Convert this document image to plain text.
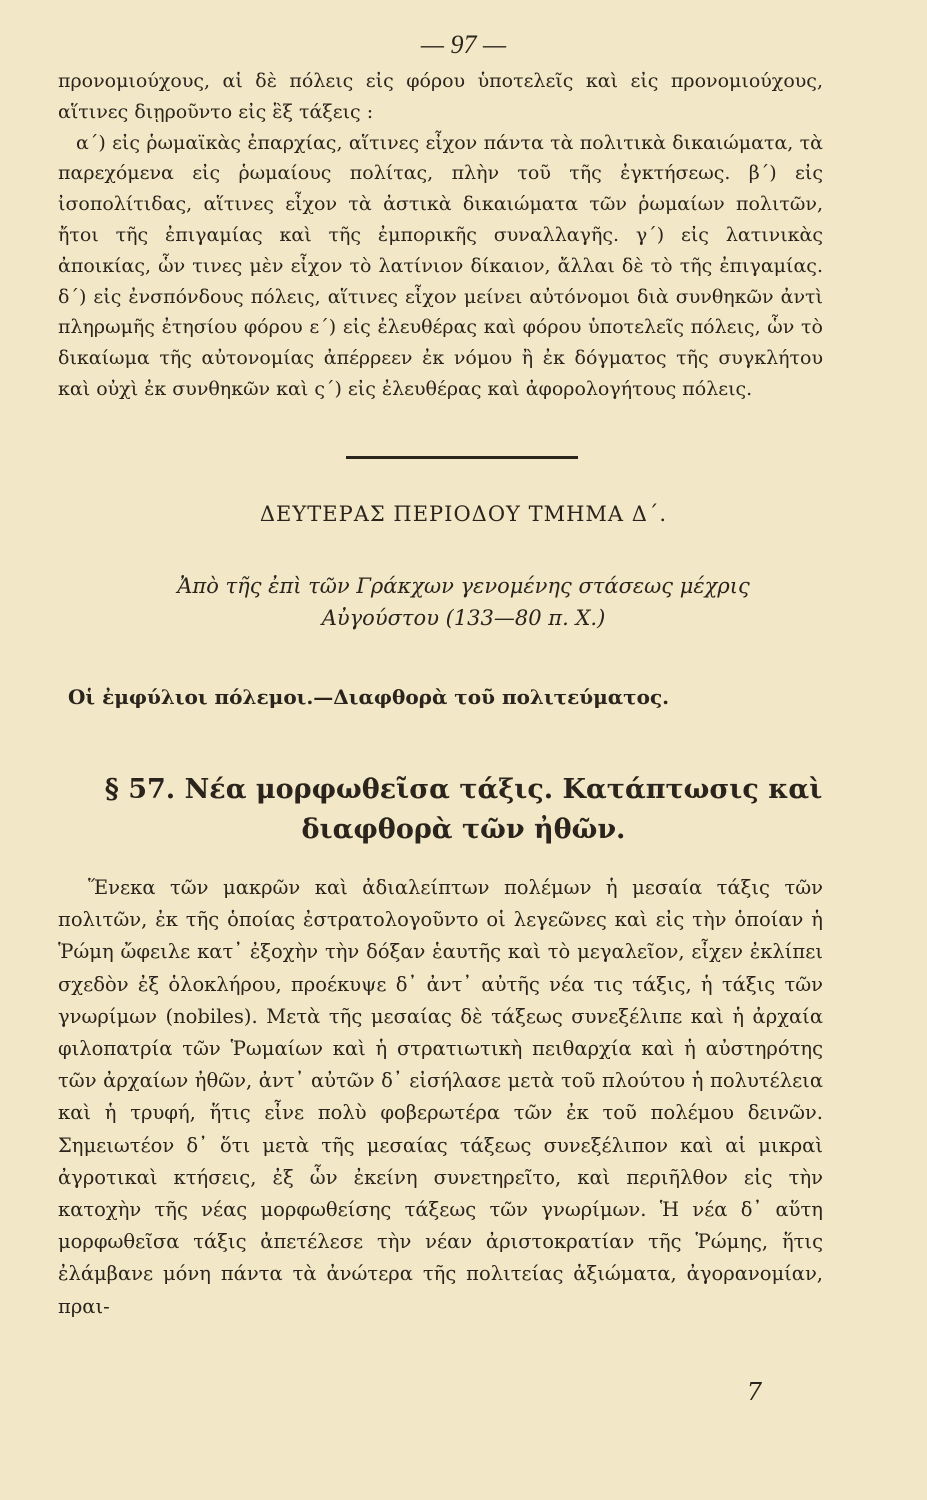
— 97 —

προνομιούχους, αἱ δὲ πόλεις εἰς φόρου ὑποτελεῖς καὶ εἰς προνομιούχους, αἵτινες διῃροῦντο εἰς ἓξ τάξεις :

α΄) εἰς ῥωμαϊκὰς ἐπαρχίας, αἵτινες εἶχον πάντα τὰ πολιτικὰ δικαιώματα, τὰ παρεχόμενα εἰς ῥωμαίους πολίτας, πλὴν τοῦ τῆς ἐγκτήσεως. β΄) εἰς ἰσοπολίτιδας, αἵτινες εἶχον τὰ ἀστικὰ δικαιώματα τῶν ῥωμαίων πολιτῶν, ἤτοι τῆς ἐπιγαμίας καὶ τῆς ἐμπορικῆς συναλλαγῆς. γ΄) εἰς λατινικὰς ἀποικίας, ὧν τινες μὲν εἶχον τὸ λατίνιον δίκαιον, ἄλλαι δὲ τὸ τῆς ἐπιγαμίας. δ΄) εἰς ἐνσπόνδους πόλεις, αἵτινες εἶχον μείνει αὐτόνομοι διὰ συνθηκῶν ἀντὶ πληρωμῆς ἐτησίου φόρου ε΄) εἰς ἐλευθέρας καὶ φόρου ὑποτελεῖς πόλεις, ὧν τὸ δικαίωμα τῆς αὐτονομίας ἀπέρρεεν ἐκ νόμου ἢ ἐκ δόγματος τῆς συγκλήτου καὶ οὐχὶ ἐκ συνθηκῶν καὶ ς΄) εἰς ἐλευθέρας καὶ ἀφορολογήτους πόλεις.

ΔΕΥΤΕΡΑΣ ΠΕΡΙΟΔΟΥ ΤΜΗΜΑ Δ΄.
Ἀπὸ τῆς ἐπὶ τῶν Γράκχων γενομένης στάσεως μέχρις
Αὐγούστου (133—80 π. Χ.)
Οἱ ἐμφύλιοι πόλεμοι.—Διαφθορὰ τοῦ πολιτεύματος.
§ 57. Νέα μορφωθεῖσα τάξις. Κατάπτωσις καὶ
διαφθορὰ τῶν ἠθῶν.

Ἕνεκα τῶν μακρῶν καὶ ἀδιαλείπτων πολέμων ἡ μεσαία τάξις τῶν πολιτῶν, ἐκ τῆς ὁποίας ἐστρατολογοῦντο οἱ λεγεῶνες καὶ εἰς τὴν ὁποίαν ἡ Ῥώμη ὤφειλε κατ᾽ ἐξοχὴν τὴν δόξαν ἑαυτῆς καὶ τὸ μεγαλεῖον, εἶχεν ἐκλίπει σχεδὸν ἐξ ὁλοκλήρου, προέκυψε δ᾽ ἀντ᾽ αὐτῆς νέα τις τάξις, ἡ τάξις τῶν γνωρίμων (nobiles). Μετὰ τῆς μεσαίας δὲ τάξεως συνεξέλιπε καὶ ἡ ἀρχαία φιλοπατρία τῶν Ῥωμαίων καὶ ἡ στρατιωτικὴ πειθαρχία καὶ ἡ αὐστηρότης τῶν ἀρχαίων ἠθῶν, ἀντ᾽ αὐτῶν δ᾽ εἰσήλασε μετὰ τοῦ πλούτου ἡ πολυτέλεια καὶ ἡ τρυφή, ἥτις εἶνε πολὺ φοβερωτέρα τῶν ἐκ τοῦ πολέμου δεινῶν. Σημειωτέον δ᾽ ὅτι μετὰ τῆς μεσαίας τάξεως συνεξέλιπον καὶ αἱ μικραὶ ἀγροτικαὶ κτήσεις, ἐξ ὧν ἐκείνη συνετηρεῖτο, καὶ περιῆλθον εἰς τὴν κατοχὴν τῆς νέας μορφωθείσης τάξεως τῶν γνωρίμων. Ἡ νέα δ᾽ αὕτη μορφωθεῖσα τάξις ἀπετέλεσε τὴν νέαν ἀριστοκρατίαν τῆς Ῥώμης, ἥτις ἐλάμβανε μόνη πάντα τὰ ἀνώτερα τῆς πολιτείας ἀξιώματα, ἀγορανομίαν, πραι-

7
